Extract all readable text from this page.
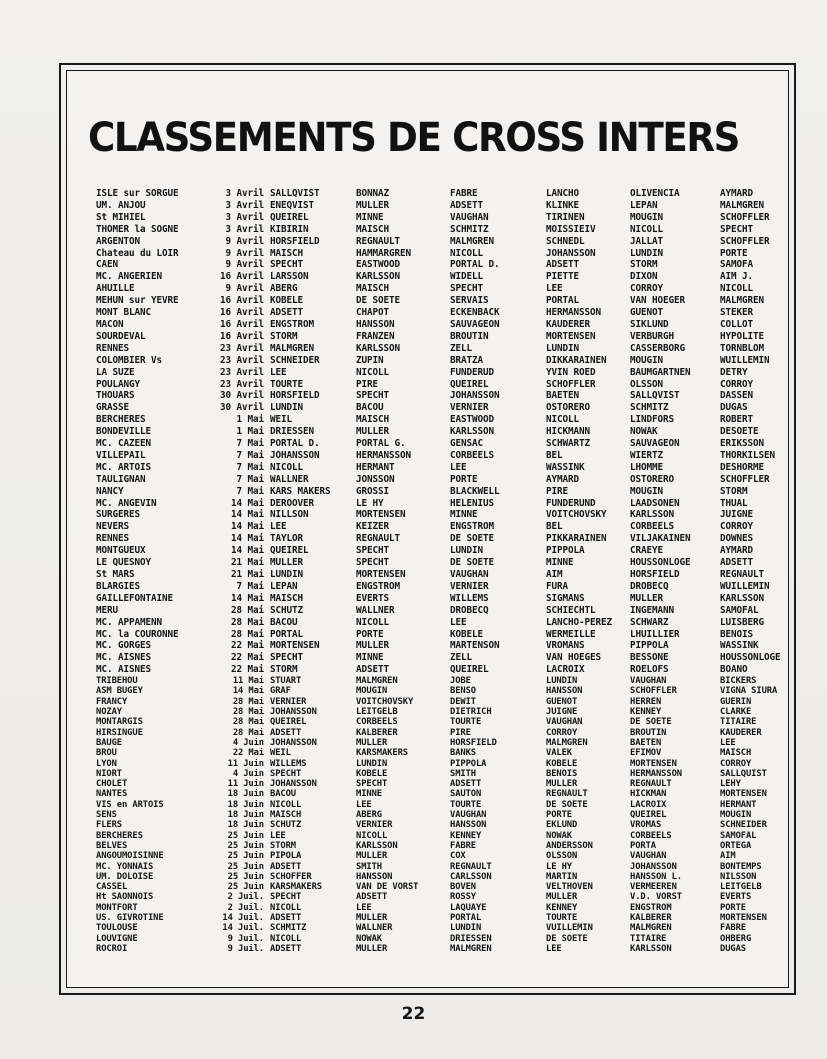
CLASSEMENTS DE CROSS INTERS
ISLE sur SORGUE	3 Avril	SALLQVIST	BONNAZ	FABRE	LANCHO	OLIVENCIA	AYMARD
UM. ANJOU	3 Avril	ENEQVIST	MULLER	ADSETT	KLINKE	LEPAN	MALMGREN
St MIHIEL	3 Avril	QUEIREL	MINNE	VAUGHAN	TIRINEN	MOUGIN	SCHOFFLER
THOMER la SOGNE	3 Avril	KIBIRIN	MAISCH	SCHMITZ	MOISSIEIV	NICOLL	SPECHT
ARGENTON	9 Avril	HORSFIELD	REGNAULT	MALMGREN	SCHNEDL	JALLAT	SCHOFFLER
Chateau du LOIR	9 Avril	MAISCH	HAMMARGREN	NICOLL	JOHANSSON	LUNDIN	PORTE
CAEN	9 Avril	SPECHT	EASTWOOD	PORTAL D.	ADSETT	STORM	SAMOFA
MC. ANGERIEN	16 Avril	LARSSON	KARLSSON	WIDELL	PIETTE	DIXON	AIM J.
AHUILLE	9 Avril	ABERG	MAISCH	SPECHT	LEE	CORROY	NICOLL
MEHUN sur YEVRE	16 Avril	KOBELE	DE SOETE	SERVAIS	PORTAL	VAN HOEGER	MALMGREN
MONT BLANC	16 Avril	ADSETT	CHAPOT	ECKENBACK	HERMANSSON	GUENOT	STEKER
MACON	16 Avril	ENGSTROM	HANSSON	SAUVAGEON	KAUDERER	SIKLUND	COLLOT
SOURDEVAL	16 Avril	STORM	FRANZEN	BROUTIN	MORTENSEN	VERBURGH	HYPOLITE
RENNES	23 Avril	MALMGREN	KARLSSON	ZELL	LUNDIN	CASSERBORG	TORNBLOM
COLOMBIER Vs	23 Avril	SCHNEIDER	ZUPIN	BRATZA	DIKKARAINEN	MOUGIN	WUILLEMIN
LA SUZE	23 Avril	LEE	NICOLL	FUNDERUD	YVIN ROED	BAUMGARTNEN	DETRY
POULANGY	23 Avril	TOURTE	PIRE	QUEIREL	SCHOFFLER	OLSSON	CORROY
THOUARS	30 Avril	HORSFIELD	SPECHT	JOHANSSON	BAETEN	SALLQVIST	DASSEN
GRASSE	30 Avril	LUNDIN	BACOU	VERNIER	OSTORERO	SCHMITZ	DUGAS
BERCHERES	1 Mai	WEIL	MAISCH	EASTWOOD	NICOLL	LINDFORS	ROBERT
BONDEVILLE	1 Mai	DRIESSEN	MULLER	KARLSSON	HICKMANN	NOWAK	DESOETE
MC. CAZEEN	7 Mai	PORTAL D.	PORTAL G.	GENSAC	SCHWARTZ	SAUVAGEON	ERIKSSON
VILLEPAIL	7 Mai	JOHANSSON	HERMANSSON	CORBEELS	BEL	WIERTZ	THORKILSEN
MC. ARTOIS	7 Mai	NICOLL	HERMANT	LEE	WASSINK	LHOMME	DESHORME
TAULIGNAN	7 Mai	WALLNER	JONSSON	PORTE	AYMARD	OSTORERO	SCHOFFLER
NANCY	7 Mai	KARS MAKERS	GROSSI	BLACKWELL	PIRE	MOUGIN	STORM
MC. ANGEVIN	14 Mai	DEROOVER	LE HY	HELENIUS	FUNDERUND	LAADSONEN	THUAL
SURGERES	14 Mai	NILLSON	MORTENSEN	MINNE	VOITCHOVSKY	KARLSSON	JUIGNE
NEVERS	14 Mai	LEE	KEIZER	ENGSTROM	BEL	CORBEELS	CORROY
RENNES	14 Mai	TAYLOR	REGNAULT	DE SOETE	PIKKARAINEN	VILJAKAINEN	DOWNES
MONTGUEUX	14 Mai	QUEIREL	SPECHT	LUNDIN	PIPPOLA	CRAEYE	AYMARD
LE QUESNOY	21 Mai	MULLER	SPECHT	DE SOETE	MINNE	HOUSSONLOGE	ADSETT
St MARS	21 Mai	LUNDIN	MORTENSEN	VAUGHAN	AIM	HORSFIELD	REGNAULT
BLARGIES	7 Mai	LEPAN	ENGSTROM	VERNIER	FURA	DROBECQ	WUILLEMIN
GAILLEFONTAINE	14 Mai	MAISCH	EVERTS	WILLEMS	SIGMANS	MULLER	KARLSSON
MERU	28 Mai	SCHUTZ	WALLNER	DROBECQ	SCHIECHTL	INGEMANN	SAMOFAL
MC. APPAMENN	28 Mai	BACOU	NICOLL	LEE	LANCHO-PEREZ	SCHWARZ	LUISBERG
MC. la COURONNE	28 Mai	PORTAL	PORTE	KOBELE	WERMEILLE	LHUILLIER	BENOIS
MC. GORGES	22 Mai	MORTENSEN	MULLER	MARTENSON	VROMANS	PIPPOLA	WASSINK
MC. AISNES	22 Mai	SPECHT	MINNE	ZELL	VAN HOEGES	BESSONE	HOUSSONLOGE
MC. AISNES	22 Mai	STORM	ADSETT	QUEIREL	LACROIX	ROELOFS	BOANO
TRIBEHOU	11 Mai	STUART	MALMGREN	JOBE	LUNDIN	VAUGHAN	BICKERS
ASM BUGEY	14 Mai	GRAF	MOUGIN	BENSO	HANSSON	SCHOFFLER	VIGNA SIURA
FRANCY	28 Mai	VERNIER	VOITCHOVSKY	DEWIT	GUENOT	HERREN	GUERIN
NOZAY	28 Mai	JOHANSSON	LEITGELB	DIETRICH	JUIGNE	KENNEY	CLARKE
MONTARGIS	28 Mai	QUEIREL	CORBEELS	TOURTE	VAUGHAN	DE SOETE	TITAIRE
HIRSINGUE	28 Mai	ADSETT	KALBERER	PIRE	CORROY	BROUTIN	KAUDERER
BAUGE	4 Juin	JOHANSSON	MULLER	HORSFIELD	MALMGREN	BAETEN	LEE
BROU	22 Mai	WEIL	KARSMAKERS	BANKS	VALEK	EFIMOV	MAISCH
LYON	11 Juin	WILLEMS	LUNDIN	PIPPOLA	KOBELE	MORTENSEN	CORROY
NIORT	4 Juin	SPECHT	KOBELE	SMITH	BENOIS	HERMANSSON	SALLQUIST
CHOLET	11 Juin	JOHANSSON	SPECHT	ADSETT	MULLER	REGNAULT	LEHY
NANTES	18 Juin	BACOU	MINNE	SAUTON	REGNAULT	HICKMAN	MORTENSEN
VIS en ARTOIS	18 Juin	NICOLL	LEE	TOURTE	DE SOETE	LACROIX	HERMANT
SENS	18 Juin	MAISCH	ABERG	VAUGHAN	PORTE	QUEIREL	MOUGIN
FLERS	18 Juin	SCHUTZ	VERNIER	HANSSON	EKLUND	VROMAS	SCHNEIDER
BERCHERES	25 Juin	LEE	NICOLL	KENNEY	NOWAK	CORBEELS	SAMOFAL
BELVES	25 Juin	STORM	KARLSSON	FABRE	ANDERSSON	PORTA	ORTEGA
ANGOUMOISINNE	25 Juin	PIPOLA	MULLER	COX	OLSSON	VAUGHAN	AIM
MC. YONNAIS	25 Juin	ADSETT	SMITH	REGNAULT	LE HY	JOHANSSON	BONTEMPS
UM. DOLOISE	25 Juin	SCHOFFER	HANSSON	CARLSSON	MARTIN	HANSSON L.	NILSSON
CASSEL	25 Juin	KARSMAKERS	VAN DE VORST	BOVEN	VELTHOVEN	VERMEEREN	LEITGELB
Ht SAONNOIS	2 Juil.	SPECHT	ADSETT	ROSSY	MULLER	V.D. VORST	EVERTS
MONTFORT	2 Juil.	NICOLL	LEE	LAQUAYE	KENNEY	ENGSTROM	PORTE
US. GIVROTINE	14 Juil.	ADSETT	MULLER	PORTAL	TOURTE	KALBERER	MORTENSEN
TOULOUSE	14 Juil.	SCHMITZ	WALLNER	LUNDIN	VUILLEMIN	MALMGREN	FABRE
LOUVIGNE	9 Juil.	NICOLL	NOWAK	DRIESSEN	DE SOETE	TITAIRE	OHBERG
ROCROI	9 Juil.	ADSETT	MULLER	MALMGREN	LEE	KARLSSON	DUGAS
22
